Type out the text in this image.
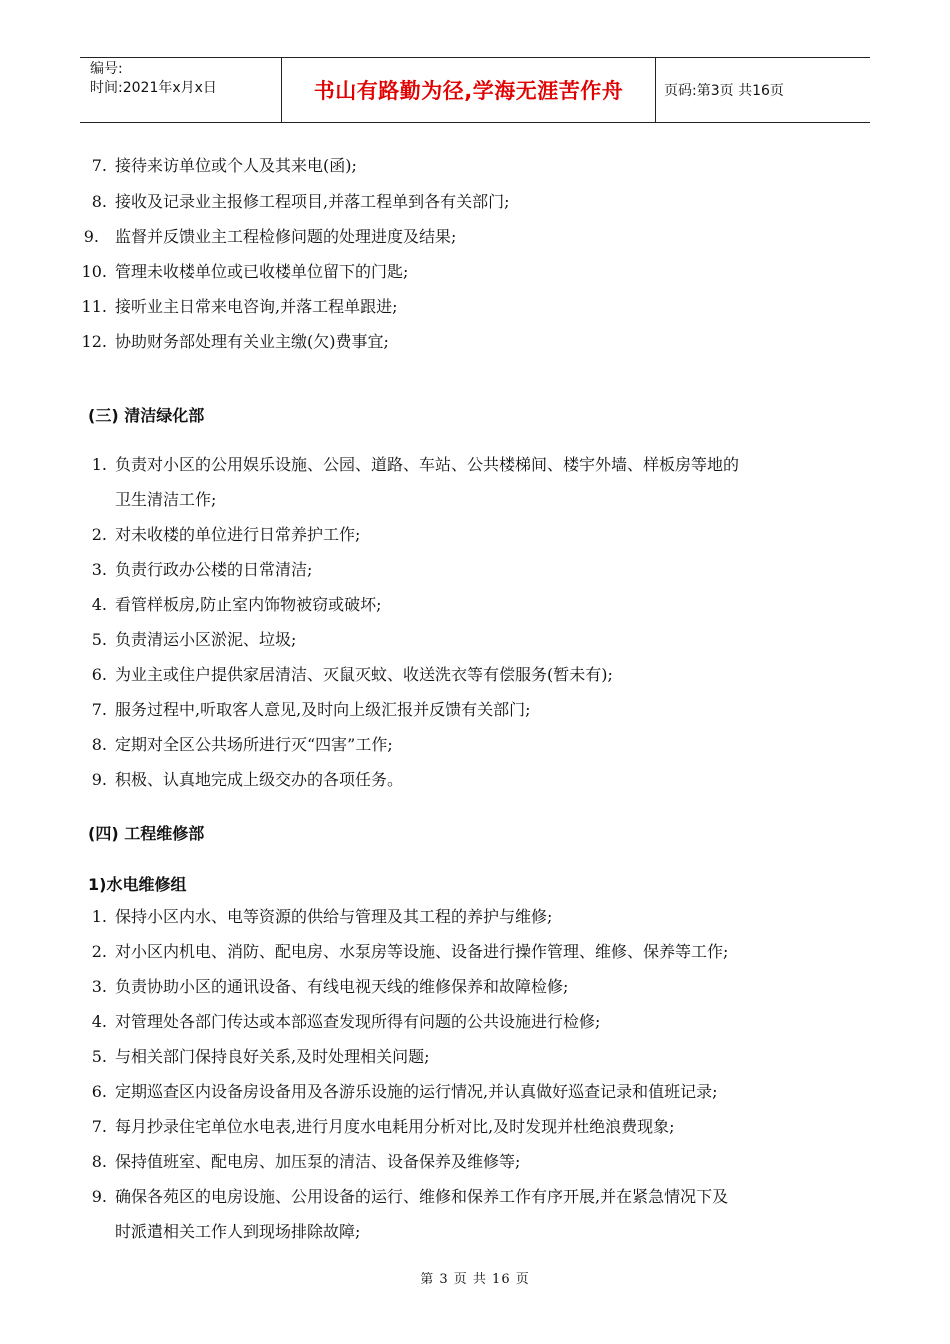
编号:
时间:2021年x月x日	书山有路勤为径,学海无涯苦作舟	页码:第3页 共16页
7. 接待来访单位或个人及其来电(函);
8. 接收及记录业主报修工程项目,并落工程单到各有关部门;
9.	监督并反馈业主工程检修问题的处理进度及结果;
10. 管理未收楼单位或已收楼单位留下的门匙;
11. 接听业主日常来电咨询,并落工程单跟进;
12. 协助财务部处理有关业主缴(欠)费事宜;
(三) 清洁绿化部
1. 负责对小区的公用娱乐设施、公园、道路、车站、公共楼梯间、楼宇外墙、样板房等地的
卫生清洁工作;
2. 对未收楼的单位进行日常养护工作;
3. 负责行政办公楼的日常清洁;
4. 看管样板房,防止室内饰物被窃或破坏;
5. 负责清运小区淤泥、垃圾;
6. 为业主或住户提供家居清洁、灭鼠灭蚊、收送洗衣等有偿服务(暂未有);
7. 服务过程中,听取客人意见,及时向上级汇报并反馈有关部门;
8. 定期对全区公共场所进行灭“四害”工作;
9. 积极、认真地完成上级交办的各项任务。
(四) 工程维修部
1)水电维修组
1. 保持小区内水、电等资源的供给与管理及其工程的养护与维修;
2. 对小区内机电、消防、配电房、水泵房等设施、设备进行操作管理、维修、保养等工作;
3. 负责协助小区的通讯设备、有线电视天线的维修保养和故障检修;
4. 对管理处各部门传达或本部巡查发现所得有问题的公共设施进行检修;
5. 与相关部门保持良好关系,及时处理相关问题;
6. 定期巡查区内设备房设备用及各游乐设施的运行情况,并认真做好巡查记录和值班记录;
7. 每月抄录住宅单位水电表,进行月度水电耗用分析对比,及时发现并杜绝浪费现象;
8. 保持值班室、配电房、加压泵的清洁、设备保养及维修等;
9. 确保各苑区的电房设施、公用设备的运行、维修和保养工作有序开展,并在紧急情况下及
时派遣相关工作人到现场排除故障;
第 3 页 共 16 页
